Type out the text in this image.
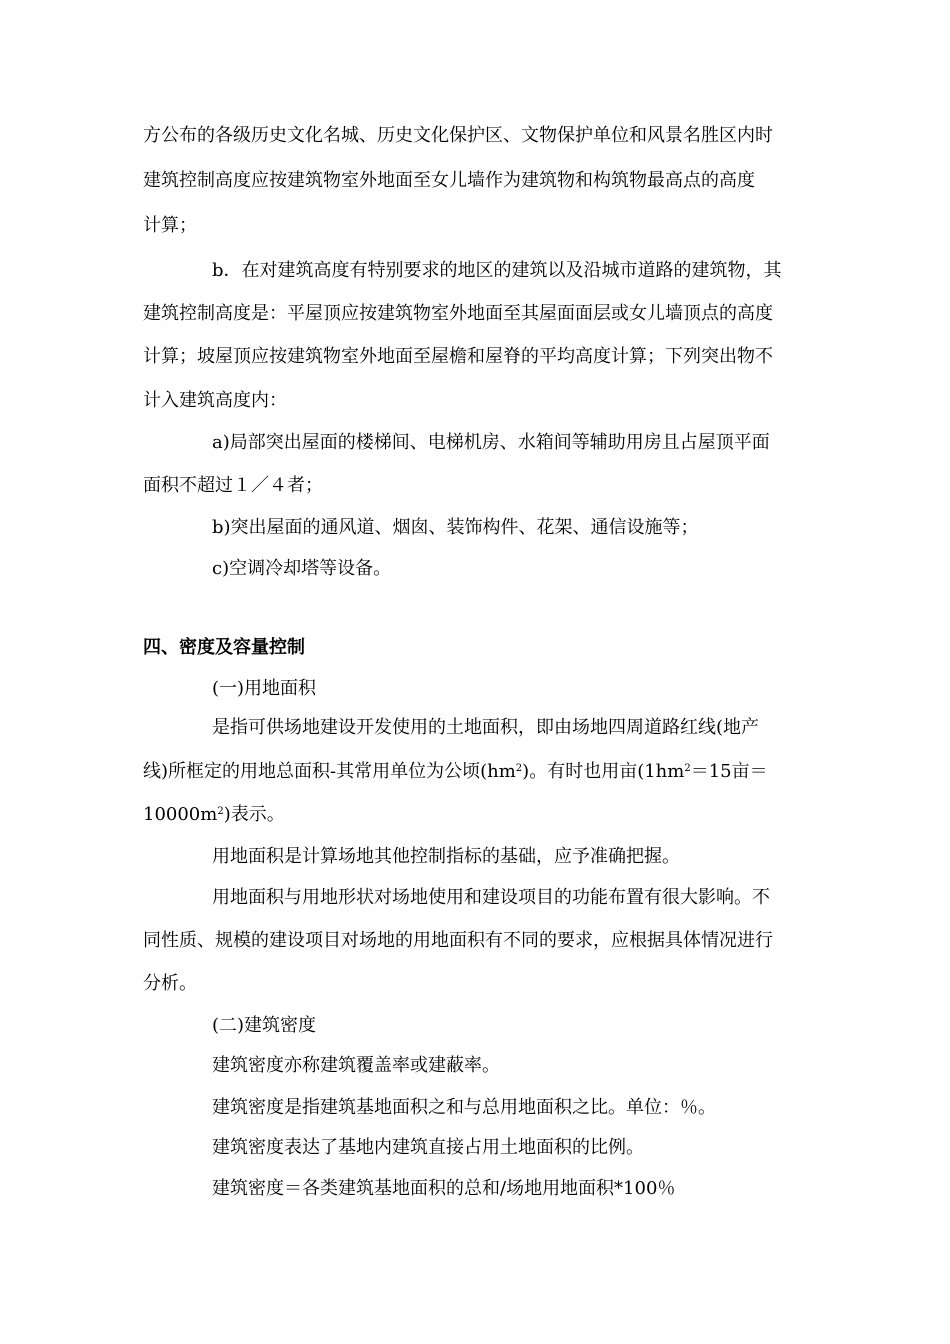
方公布的各级历史文化名城、历史文化保护区、文物保护单位和风景名胜区内时
建筑控制高度应按建筑物室外地面至女儿墙作为建筑物和构筑物最高点的高度
计算；
b．在对建筑高度有特别要求的地区的建筑以及沿城市道路的建筑物，其
建筑控制高度是：平屋顶应按建筑物室外地面至其屋面面层或女儿墙顶点的高度
计算；坡屋顶应按建筑物室外地面至屋檐和屋脊的平均高度计算；下列突出物不
计入建筑高度内：
a)局部突出屋面的楼梯间、电梯机房、水箱间等辅助用房且占屋顶平面
面积不超过１／４者；
b)突出屋面的通风道、烟囱、装饰构件、花架、通信设施等；
c)空调冷却塔等设备。
四、密度及容量控制
(一)用地面积
是指可供场地建设开发使用的土地面积，即由场地四周道路红线(地产
线)所框定的用地总面积-其常用单位为公顷$(hm^2)$。有时也用亩($1hm^2=15$亩＝
$10000m^2$)表示。
用地面积是计算场地其他控制指标的基础，应予准确把握。
用地面积与用地形状对场地使用和建设项目的功能布置有很大影响。不
同性质、规模的建设项目对场地的用地面积有不同的要求，应根据具体情况进行
分析。
(二)建筑密度
建筑密度亦称建筑覆盖率或建蔽率。
建筑密度是指建筑基地面积之和与总用地面积之比。单位：％。
建筑密度表达了基地内建筑直接占用土地面积的比例。
建筑密度＝各类建筑基地面积的总和/场地用地面积*100％
